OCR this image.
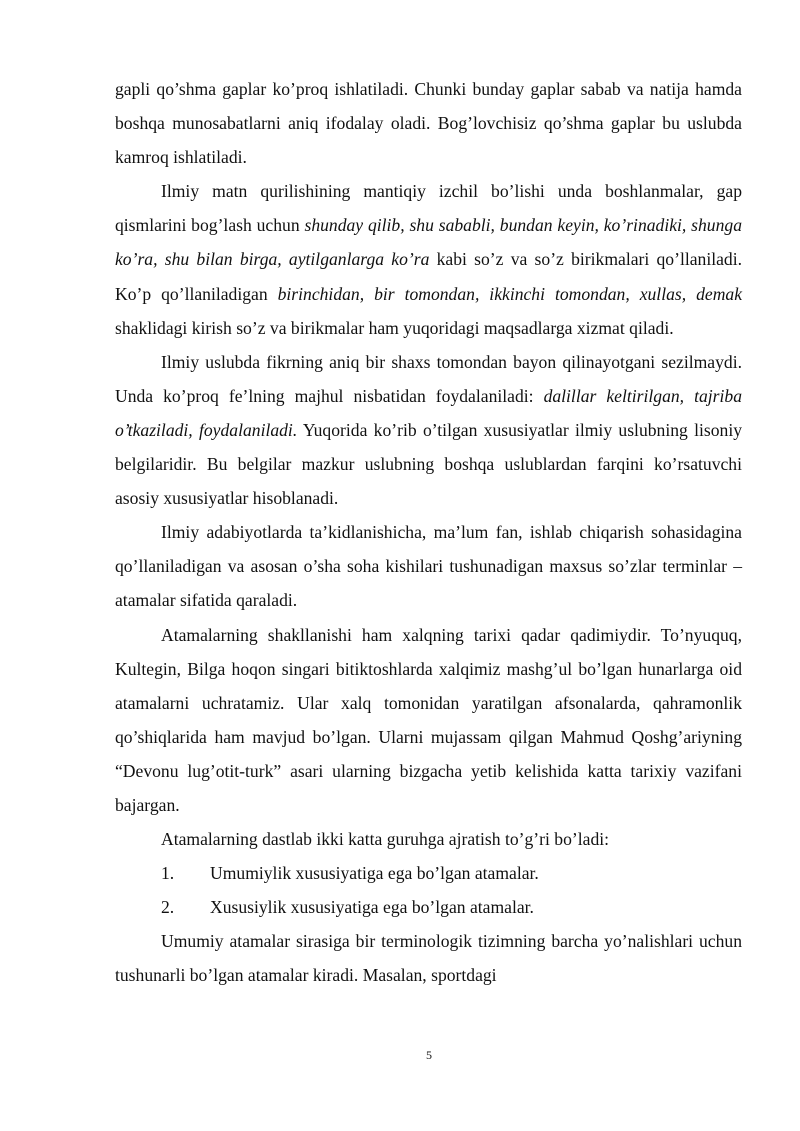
gapli qo’shma gaplar ko’proq ishlatiladi. Chunki bunday gaplar sabab va natija hamda boshqa munosabatlarni aniq ifodalay oladi. Bog’lovchisiz qo’shma gaplar bu uslubda kamroq ishlatiladi.

Ilmiy matn qurilishining mantiqiy izchil bo’lishi unda boshlanmalar, gap qismlarini bog’lash uchun shunday qilib, shu sababli, bundan keyin, ko’rinadiki, shunga ko’ra, shu bilan birga, aytilganlarga ko’ra kabi so’z va so’z birikmalari qo’llaniladi. Ko’p qo’llaniladigan birinchidan, bir tomondan, ikkinchi tomondan, xullas, demak shaklidagi kirish so’z va birikmalar ham yuqoridagi maqsadlarga xizmat qiladi.

Ilmiy uslubda fikrning aniq bir shaxs tomondan bayon qilinayotgani sezilmaydi. Unda ko’proq fe’lning majhul nisbatidan foydalaniladi: dalillar keltirilgan, tajriba o’tkaziladi, foydalaniladi. Yuqorida ko’rib o’tilgan xususiyatlar ilmiy uslubning lisoniy belgilaridir. Bu belgilar mazkur uslubning boshqa uslublardan farqini ko’rsatuvchi asosiy xususiyatlar hisoblanadi.

Ilmiy adabiyotlarda ta’kidlanishicha, ma’lum fan, ishlab chiqarish sohasidagina qo’llaniladigan va asosan o’sha soha kishilari tushunadigan maxsus so’zlar terminlar – atamalar sifatida qaraladi.

Atamalarning shakllanishi ham xalqning tarixi qadar qadimiydir. To’nyuquq, Kultegin, Bilga hoqon singari bitiktoshlarda xalqimiz mashg’ul bo’lgan hunarlarga oid atamalarni uchratamiz. Ular xalq tomonidan yaratilgan afsonalarda, qahramonlik qo’shiqlarida ham mavjud bo’lgan. Ularni mujassam qilgan Mahmud Qoshg’ariyning “Devonu lug’otit-turk” asari ularning bizgacha yetib kelishida katta tarixiy vazifani bajargan.

Atamalarning dastlab ikki katta guruhga ajratish to’g’ri bo’ladi:

1.	Umumiylik xususiyatiga ega bo’lgan atamalar.
2.	Xususiylik xususiyatiga ega bo’lgan atamalar.

Umumiy atamalar sirasiga bir terminologik tizimning barcha yo’nalishlari uchun tushunarli bo’lgan atamalar kiradi. Masalan, sportdagi

5
